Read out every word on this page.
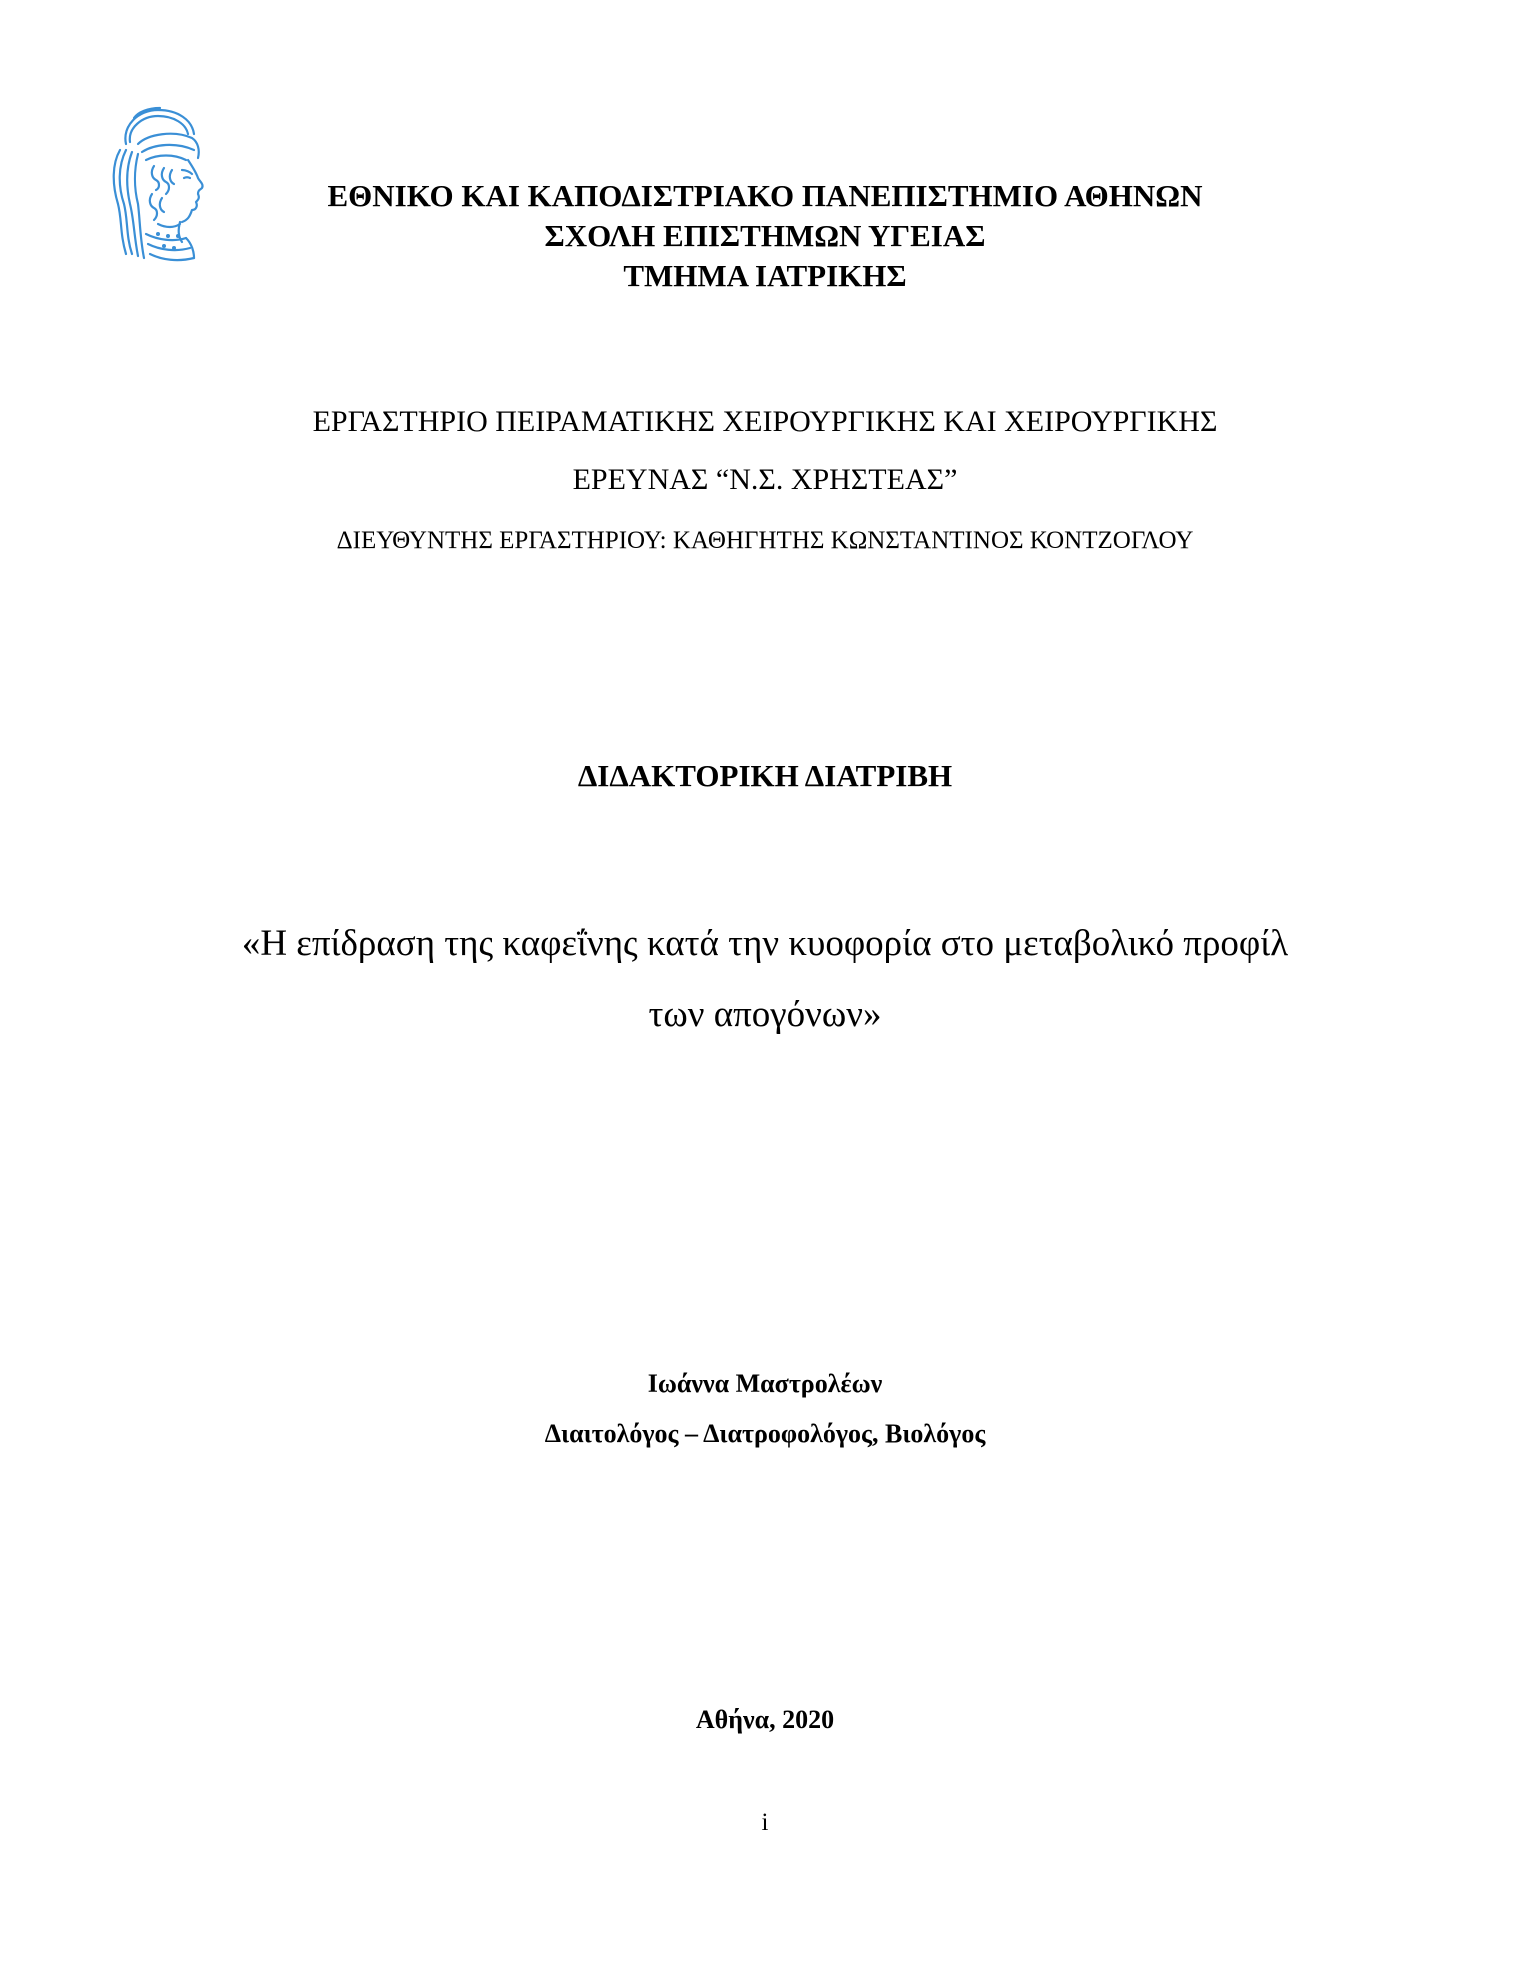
ΕΘΝΙΚΟ ΚΑΙ ΚΑΠΟΔΙΣΤΡΙΑΚΟ ΠΑΝΕΠΙΣΤΗΜΙΟ ΑΘΗΝΩΝ
ΣΧΟΛΗ ΕΠΙΣΤΗΜΩΝ ΥΓΕΙΑΣ
ΤΜΗΜΑ ΙΑΤΡΙΚΗΣ
ΕΡΓΑΣΤΗΡΙΟ ΠΕΙΡΑΜΑΤΙΚΗΣ ΧΕΙΡΟΥΡΓΙΚΗΣ ΚΑΙ ΧΕΙΡΟΥΡΓΙΚΗΣ
ΕΡΕΥΝΑΣ “Ν.Σ. ΧΡΗΣΤΕΑΣ”
ΔΙΕΥΘΥΝΤΗΣ ΕΡΓΑΣΤΗΡΙΟΥ: ΚΑΘΗΓΗΤΗΣ ΚΩΝΣΤΑΝΤΙΝΟΣ ΚΟΝΤΖΟΓΛΟΥ
ΔΙΔΑΚΤΟΡΙΚΗ ΔΙΑΤΡΙΒΗ
«Η επίδραση της καφεΐνης κατά την κυοφορία στο μεταβολικό προφίλ
των απογόνων»
Ιωάννα Μαστρολέων
Διαιτολόγος – Διατροφολόγος, Βιολόγος
Αθήνα, 2020
i
